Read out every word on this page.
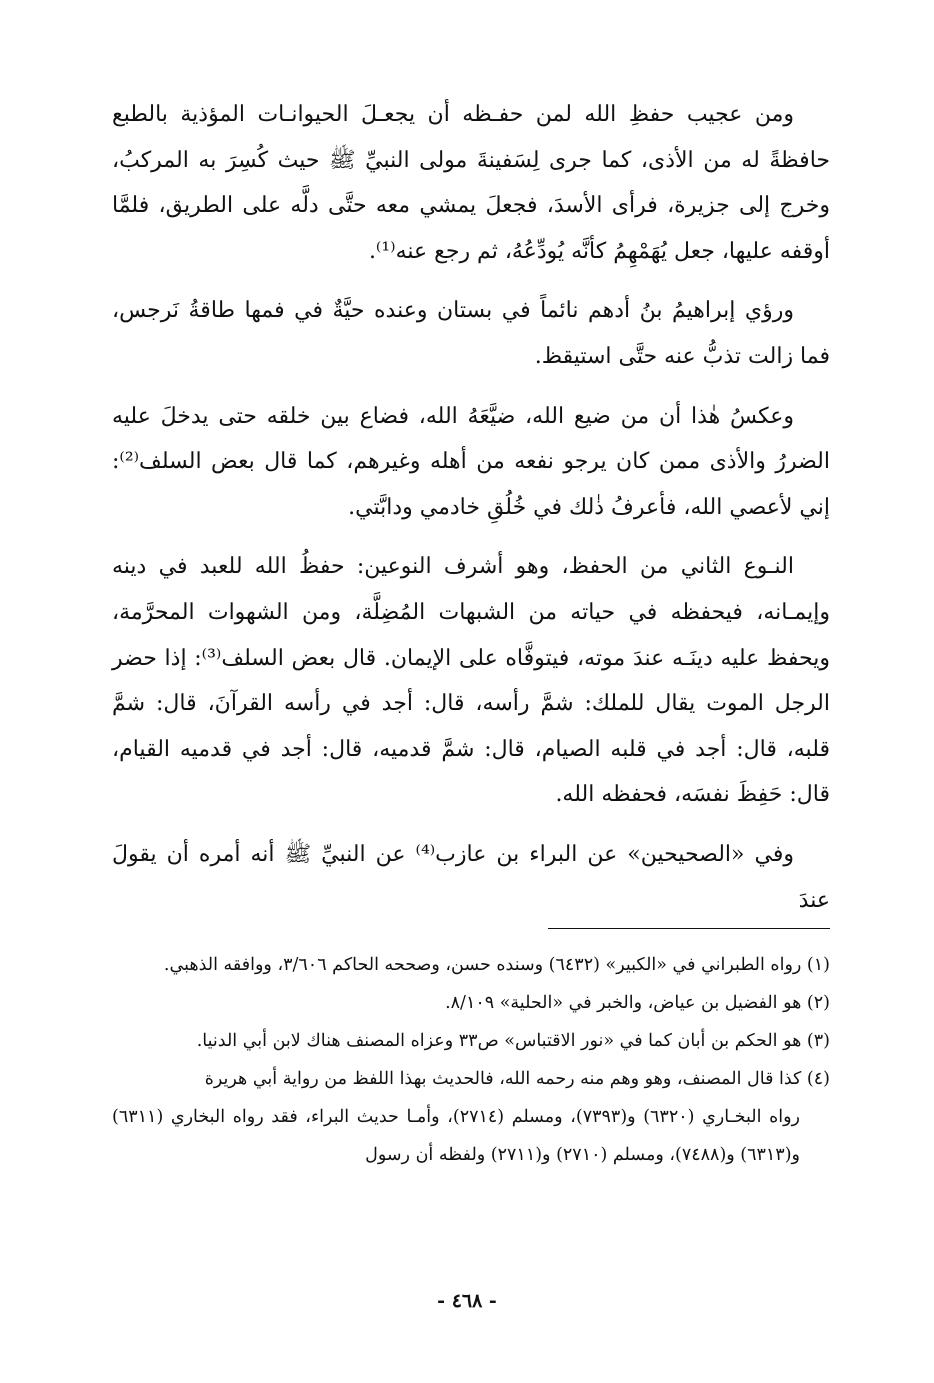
ومن عجيب حفظِ الله لمن حفـظه أن يجعـلَ الحيوانـات المؤذية بالطبع حافظةً له من الأذى، كما جرى لِسَفينةَ مولى النبيِّ ﷺ حيث كُسِرَ به المركبُ، وخرج إلى جزيرة، فرأى الأسدَ، فجعلَ يمشي معه حتَّى دلَّه على الطريق، فلمَّا أوقفه عليها، جعل يُهَمْهِمُ كأنَّه يُودِّعُهُ، ثم رجع عنه⁽¹⁾.

ورؤي إبراهيمُ بنُ أدهم نائماً في بستان وعنده حيَّةٌ في فمها طاقةُ نَرجس، فما زالت تذبُّ عنه حتَّى استيقظ.

وعكسُ هٰذا أن من ضيع الله، ضيَّعَهُ الله، فضاع بين خلقه حتى يدخلَ عليه الضررُ والأذى ممن كان يرجو نفعه من أهله وغيرهم، كما قال بعض السلف⁽²⁾: إني لأعصي الله، فأعرفُ ذٰلك في خُلُقِ خادمي ودابَّتي.

النـوع الثاني من الحفظ، وهو أشرف النوعين: حفظُ الله للعبد في دينه وإيمـانه، فيحفظه في حياته من الشبهات المُضِلَّة، ومن الشهوات المحرَّمة، ويحفظ عليه دينَـه عندَ موته، فيتوفَّاه على الإيمان. قال بعض السلف⁽³⁾: إذا حضر الرجل الموت يقال للملك: شمَّ رأسه، قال: أجد في رأسه القرآنَ، قال: شمَّ قلبه، قال: أجد في قلبه الصيام، قال: شمَّ قدميه، قال: أجد في قدميه القيام، قال: حَفِظَ نفسَه، فحفظه الله.

وفي «الصحيحين» عن البراء بن عازب⁽⁴⁾ عن النبيِّ ﷺ أنه أمره أن يقولَ عندَ

(١) رواه الطبراني في «الكبير» (٦٤٣٢) وسنده حسن، وصححه الحاكم ٣/٦٠٦، ووافقه الذهبي.

(٢) هو الفضيل بن عياض، والخبر في «الحلية» ٨/١٠٩.

(٣) هو الحكم بن أبان كما في «نور الاقتباس» ص٣٣ وعزاه المصنف هناك لابن أبي الدنيا.

(٤) كذا قال المصنف، وهو وهم منه رحمه الله، فالحديث بهذا اللفظ من رواية أبي هريرة

رواه البخـاري (٦٣٢٠) و(٧٣٩٣)، ومسلم (٢٧١٤)، وأمـا حديث البراء، فقد رواه البخاري (٦٣١١) و(٦٣١٣) و(٧٤٨٨)، ومسلم (٢٧١٠) و(٢٧١١) ولفظه أن رسول

- ٤٦٨ -
